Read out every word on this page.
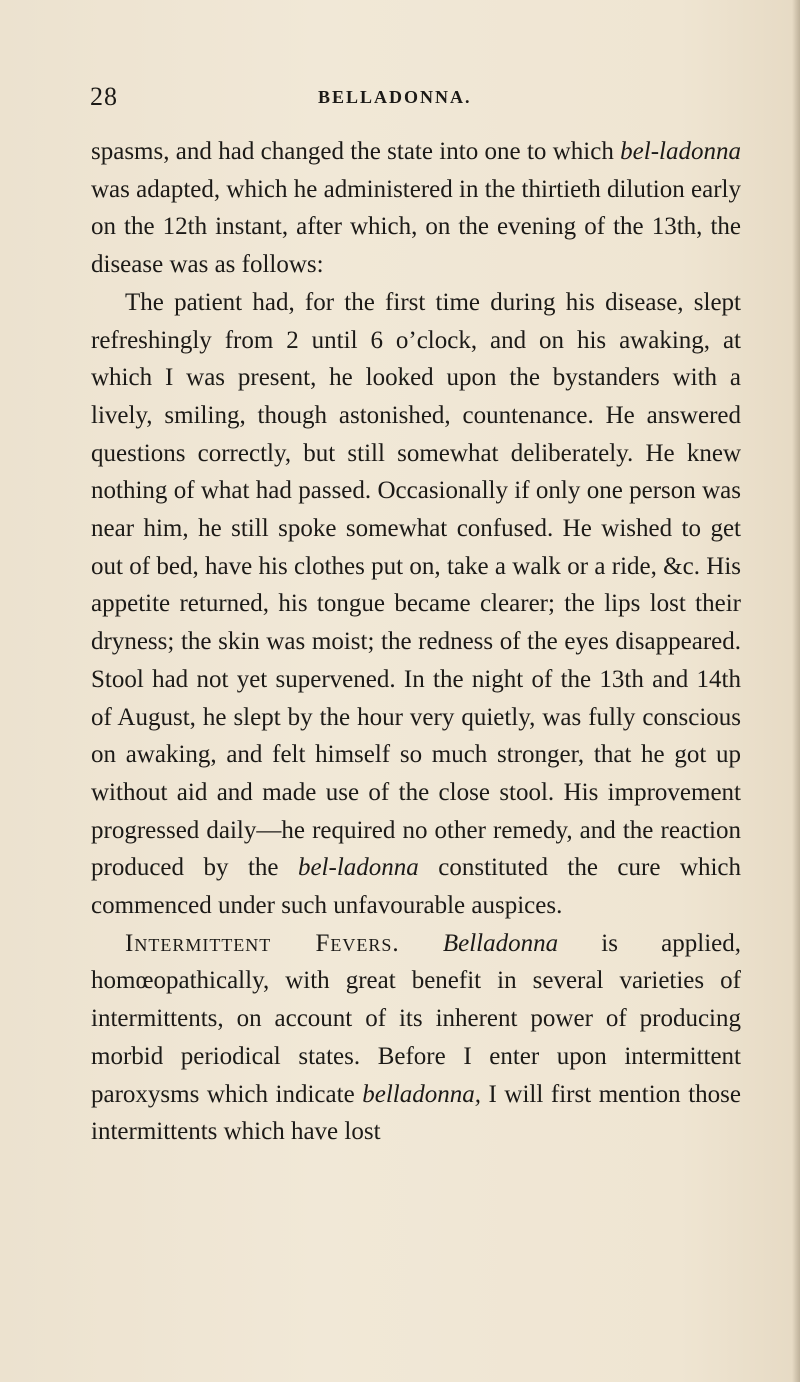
28	BELLADONNA.

spasms, and had changed the state into one to which bel-ladonna was adapted, which he administered in the thirtieth dilution early on the 12th instant, after which, on the evening of the 13th, the disease was as follows:

The patient had, for the first time during his disease, slept refreshingly from 2 until 6 o’clock, and on his awaking, at which I was present, he looked upon the bystanders with a lively, smiling, though astonished, countenance. He answered questions correctly, but still somewhat deliberately. He knew nothing of what had passed. Occasionally if only one person was near him, he still spoke somewhat confused. He wished to get out of bed, have his clothes put on, take a walk or a ride, &c. His appetite returned, his tongue became clearer; the lips lost their dryness; the skin was moist; the redness of the eyes disappeared. Stool had not yet supervened. In the night of the 13th and 14th of August, he slept by the hour very quietly, was fully conscious on awaking, and felt himself so much stronger, that he got up without aid and made use of the close stool. His improvement progressed daily—he required no other remedy, and the reaction produced by the bel-ladonna constituted the cure which commenced under such unfavourable auspices.

Intermittent Fevers. Belladonna is applied, homœopathically, with great benefit in several varieties of intermittents, on account of its inherent power of producing morbid periodical states. Before I enter upon intermittent paroxysms which indicate belladonna, I will first mention those intermittents which have lost
